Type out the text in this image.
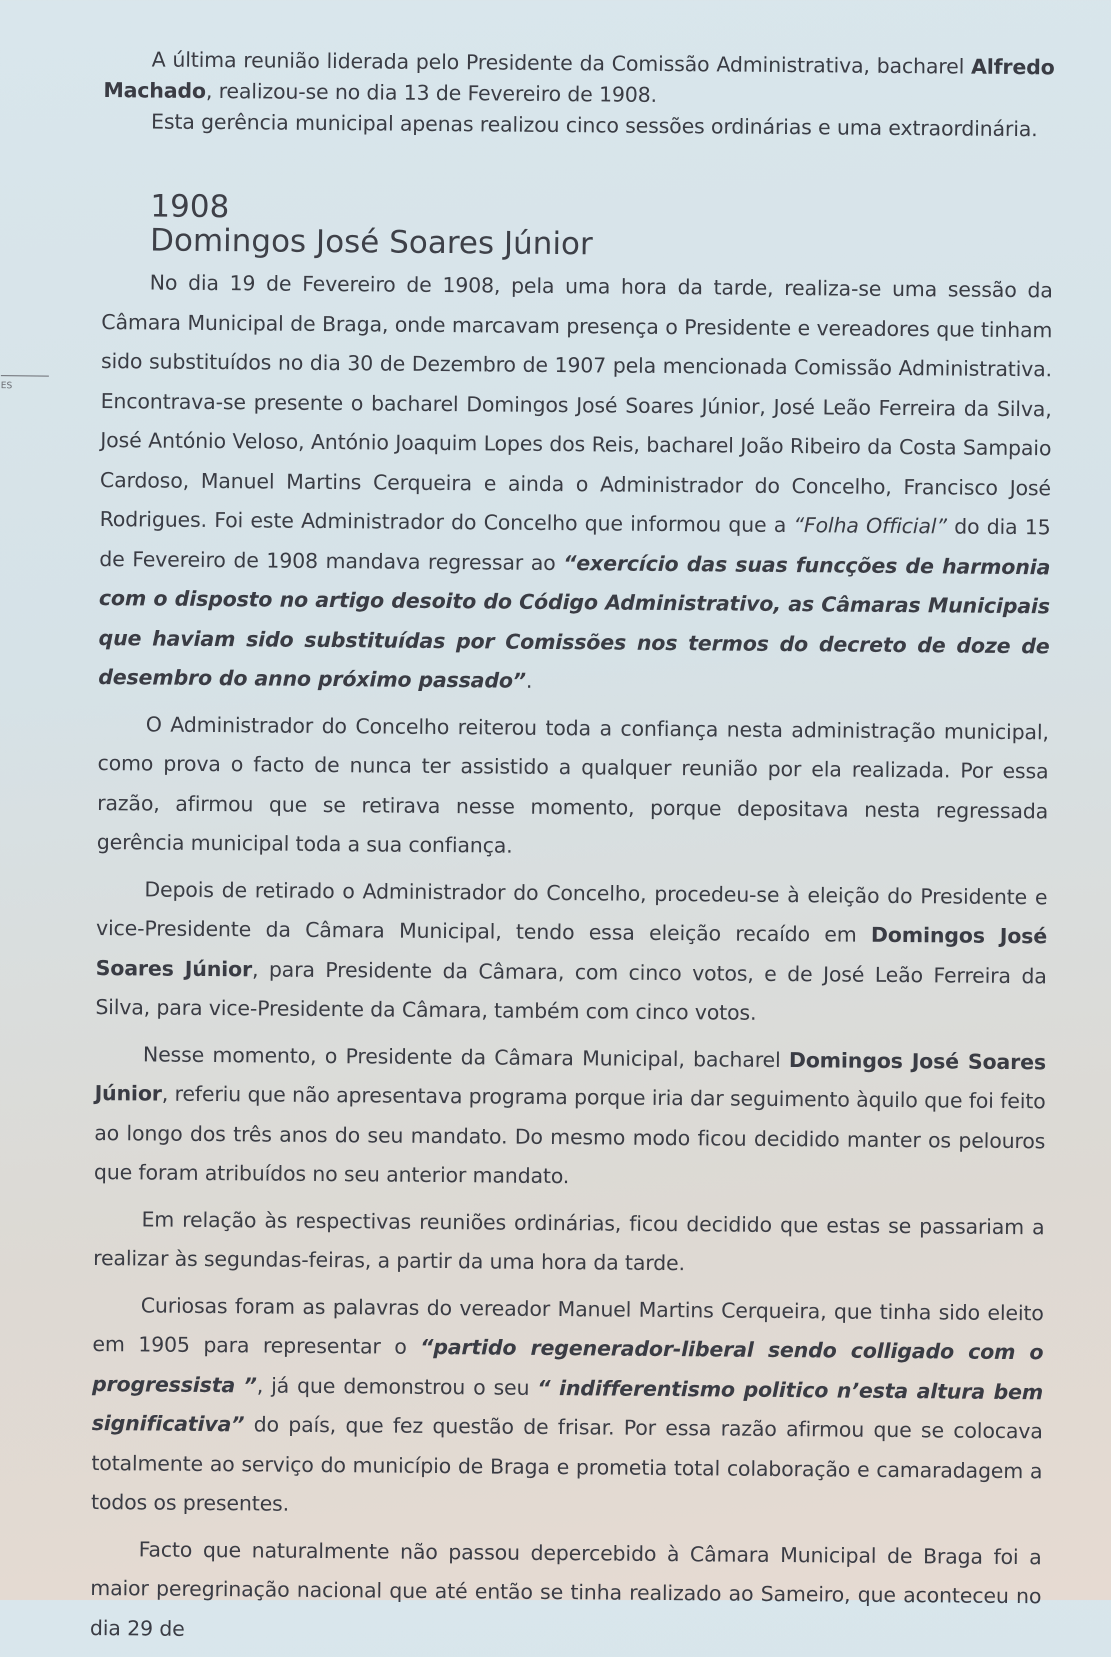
ES

A última reunião liderada pelo Presidente da Comissão Administrativa, bacharel Alfredo Machado, realizou-se no dia 13 de Fevereiro de 1908.

Esta gerência municipal apenas realizou cinco sessões ordinárias e uma extraordinária.

1908
Domingos José Soares Júnior

No dia 19 de Fevereiro de 1908, pela uma hora da tarde, realiza-se uma sessão da Câmara Municipal de Braga, onde marcavam presença o Presidente e vereadores que tinham sido substituídos no dia 30 de Dezembro de 1907 pela mencionada Comissão Administrativa. Encontrava-se presente o bacharel Domingos José Soares Júnior, José Leão Ferreira da Silva, José António Veloso, António Joaquim Lopes dos Reis, bacharel João Ribeiro da Costa Sampaio Cardoso, Manuel Martins Cerqueira e ainda o Administrador do Concelho, Francisco José Rodrigues. Foi este Administrador do Concelho que informou que a “Folha Official” do dia 15 de Fevereiro de 1908 mandava regressar ao “exercício das suas funcções de harmonia com o disposto no artigo desoito do Código Administrativo, as Câmaras Municipais que haviam sido substituídas por Comissões nos termos do decreto de doze de desembro do anno próximo passado”.

O Administrador do Concelho reiterou toda a confiança nesta administração municipal, como prova o facto de nunca ter assistido a qualquer reunião por ela realizada. Por essa razão, afirmou que se retirava nesse momento, porque depositava nesta regressada gerência municipal toda a sua confiança.

Depois de retirado o Administrador do Concelho, procedeu-se à eleição do Presidente e vice-Presidente da Câmara Municipal, tendo essa eleição recaído em Domingos José Soares Júnior, para Presidente da Câmara, com cinco votos, e de José Leão Ferreira da Silva, para vice-Presidente da Câmara, também com cinco votos.

Nesse momento, o Presidente da Câmara Municipal, bacharel Domingos José Soares Júnior, referiu que não apresentava programa porque iria dar seguimento àquilo que foi feito ao longo dos três anos do seu mandato. Do mesmo modo ficou decidido manter os pelouros que foram atribuídos no seu anterior mandato.

Em relação às respectivas reuniões ordinárias, ficou decidido que estas se passariam a realizar às segundas-feiras, a partir da uma hora da tarde.

Curiosas foram as palavras do vereador Manuel Martins Cerqueira, que tinha sido eleito em 1905 para representar o “partido regenerador-liberal sendo colligado com o progressista ”, já que demonstrou o seu “ indifferentismo politico n’esta altura bem significativa” do país, que fez questão de frisar. Por essa razão afirmou que se colocava totalmente ao serviço do município de Braga e prometia total colaboração e camaradagem a todos os presentes.

Facto que naturalmente não passou depercebido à Câmara Municipal de Braga foi a maior peregrinação nacional que até então se tinha realizado ao Sameiro, que aconteceu no dia 29 de
